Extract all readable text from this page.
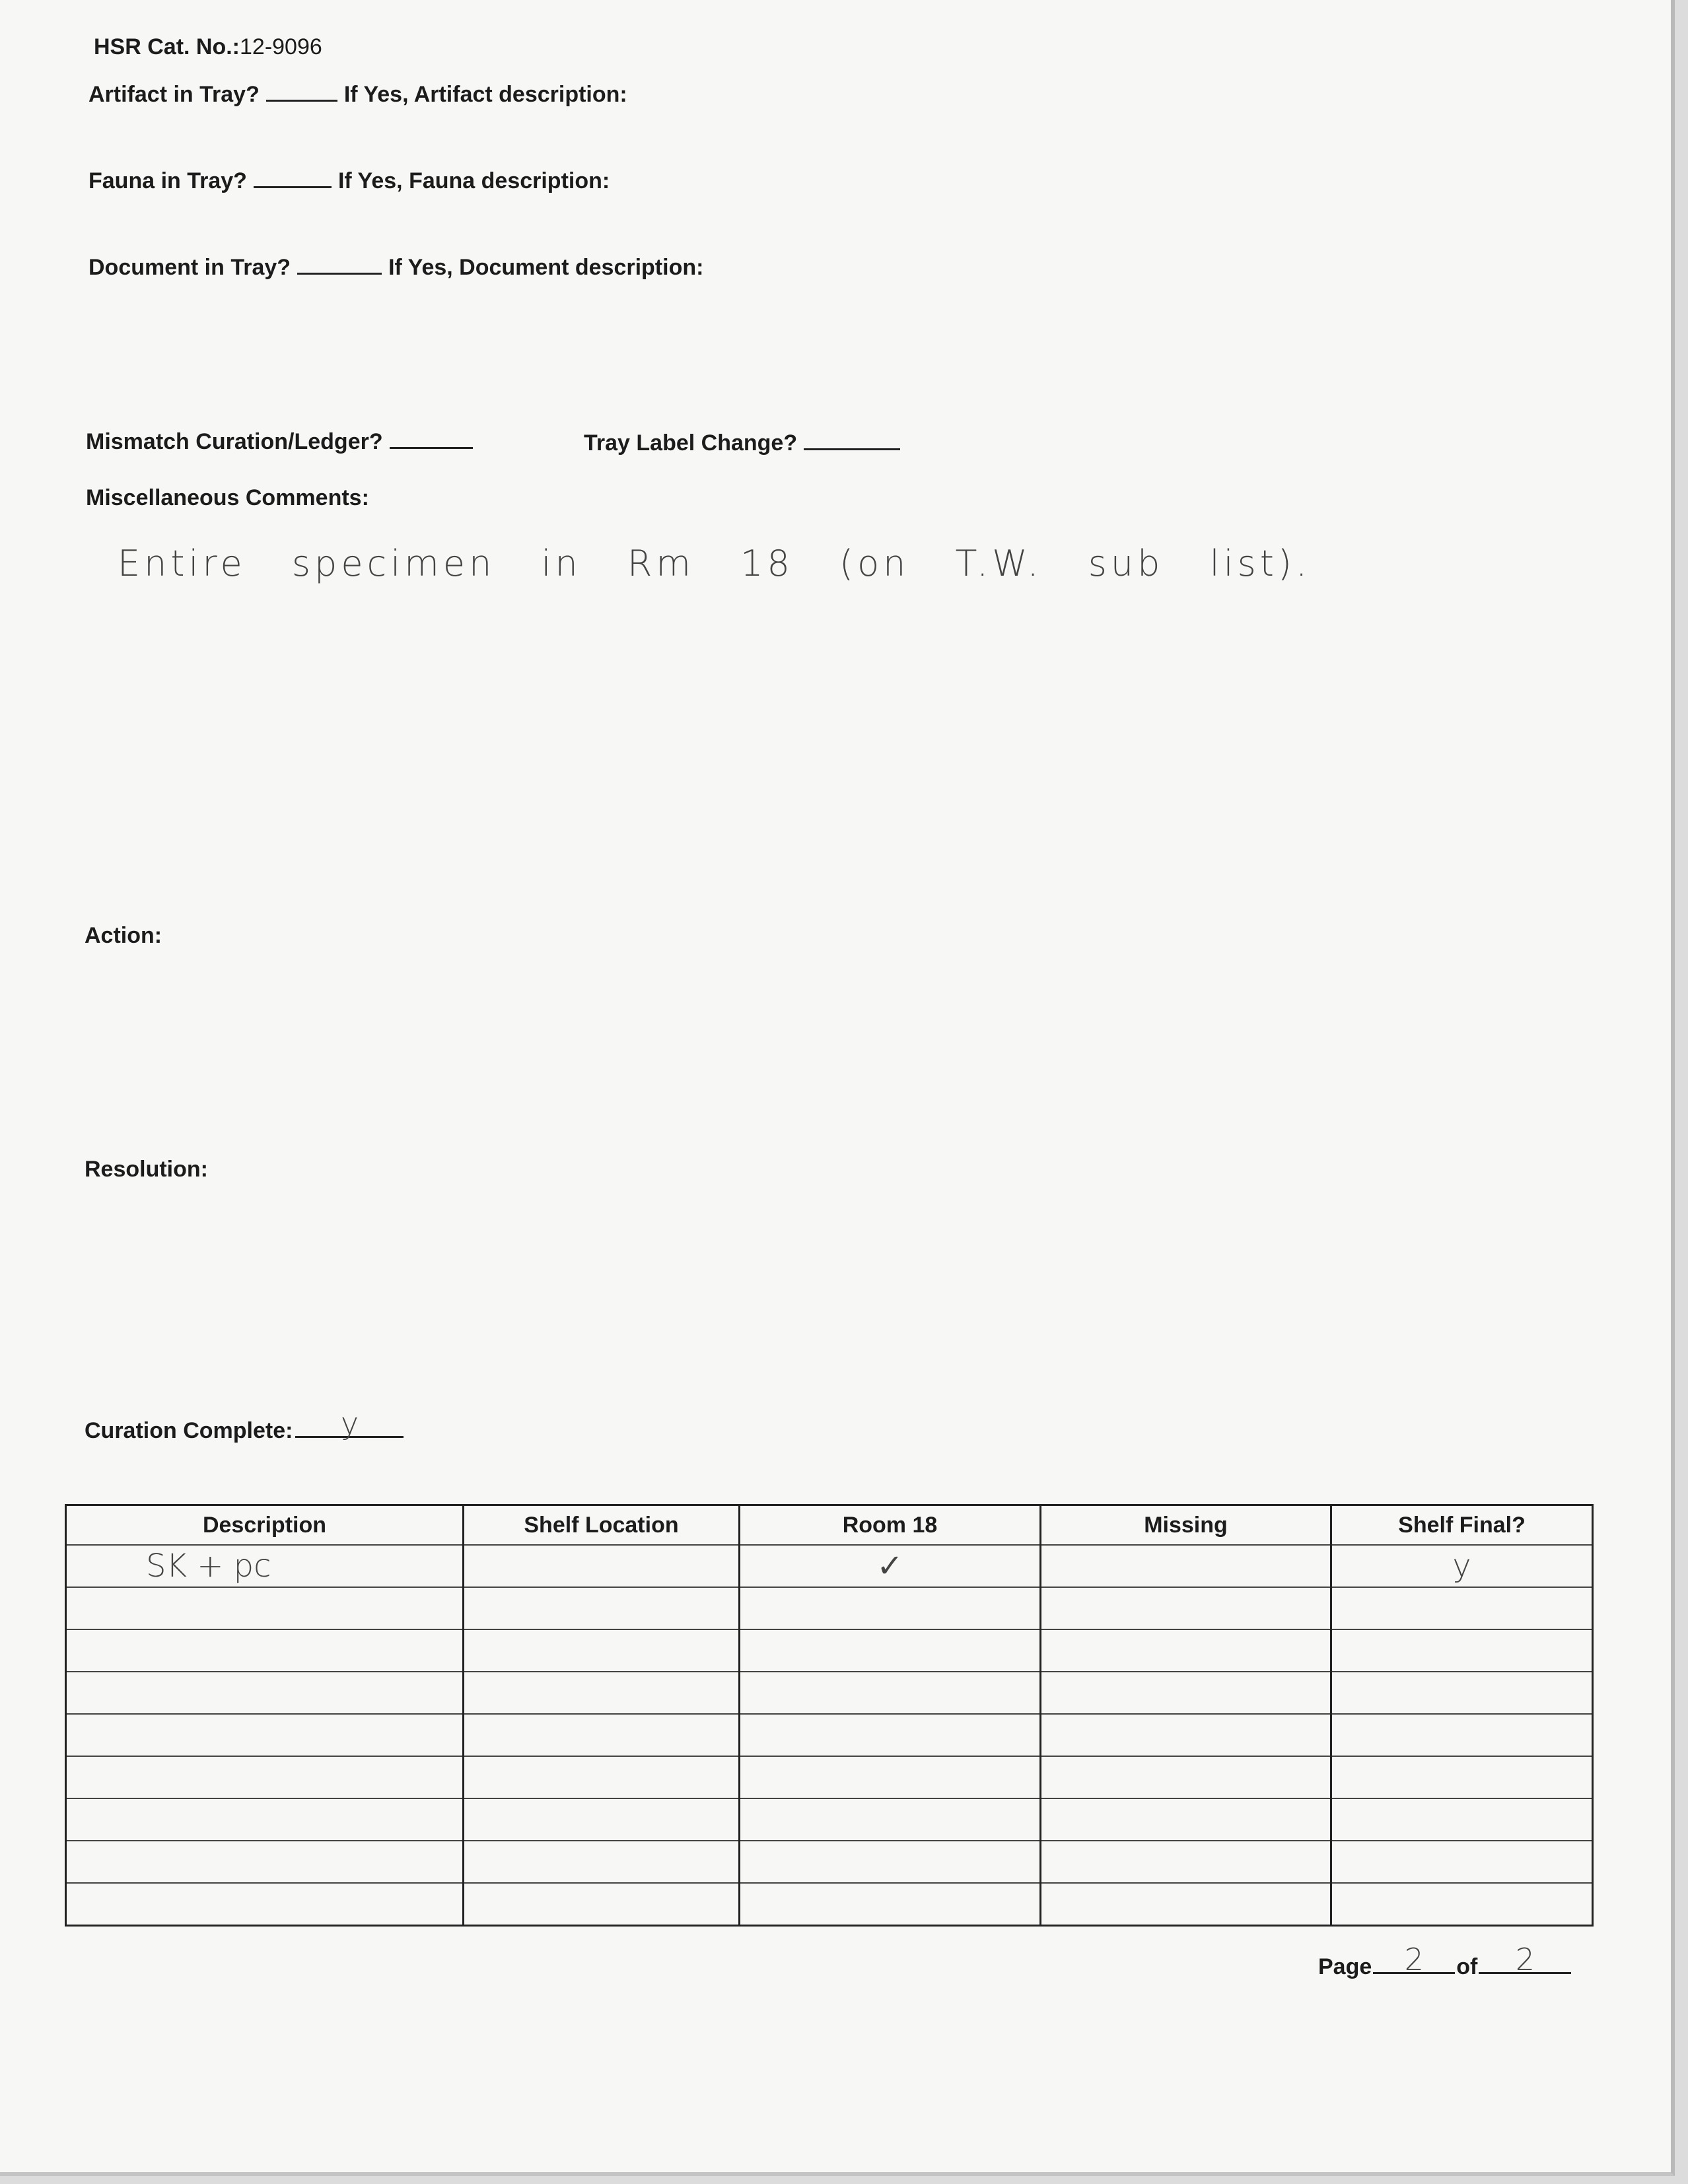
HSR Cat. No.:12-9096
Artifact in Tray?	If Yes, Artifact description:
Fauna in Tray?	If Yes, Fauna description:
Document in Tray?	If Yes, Document description:
Mismatch Curation/Ledger?	Tray Label Change?
Miscellaneous Comments:
Entire specimen in Rm 18 (on T.W. sub list).
Action:
Resolution:
Curation Complete: y
Description	Shelf Location	Room 18	Missing	Shelf Final?
SK + pc		✓		y

Page 2 of 2
